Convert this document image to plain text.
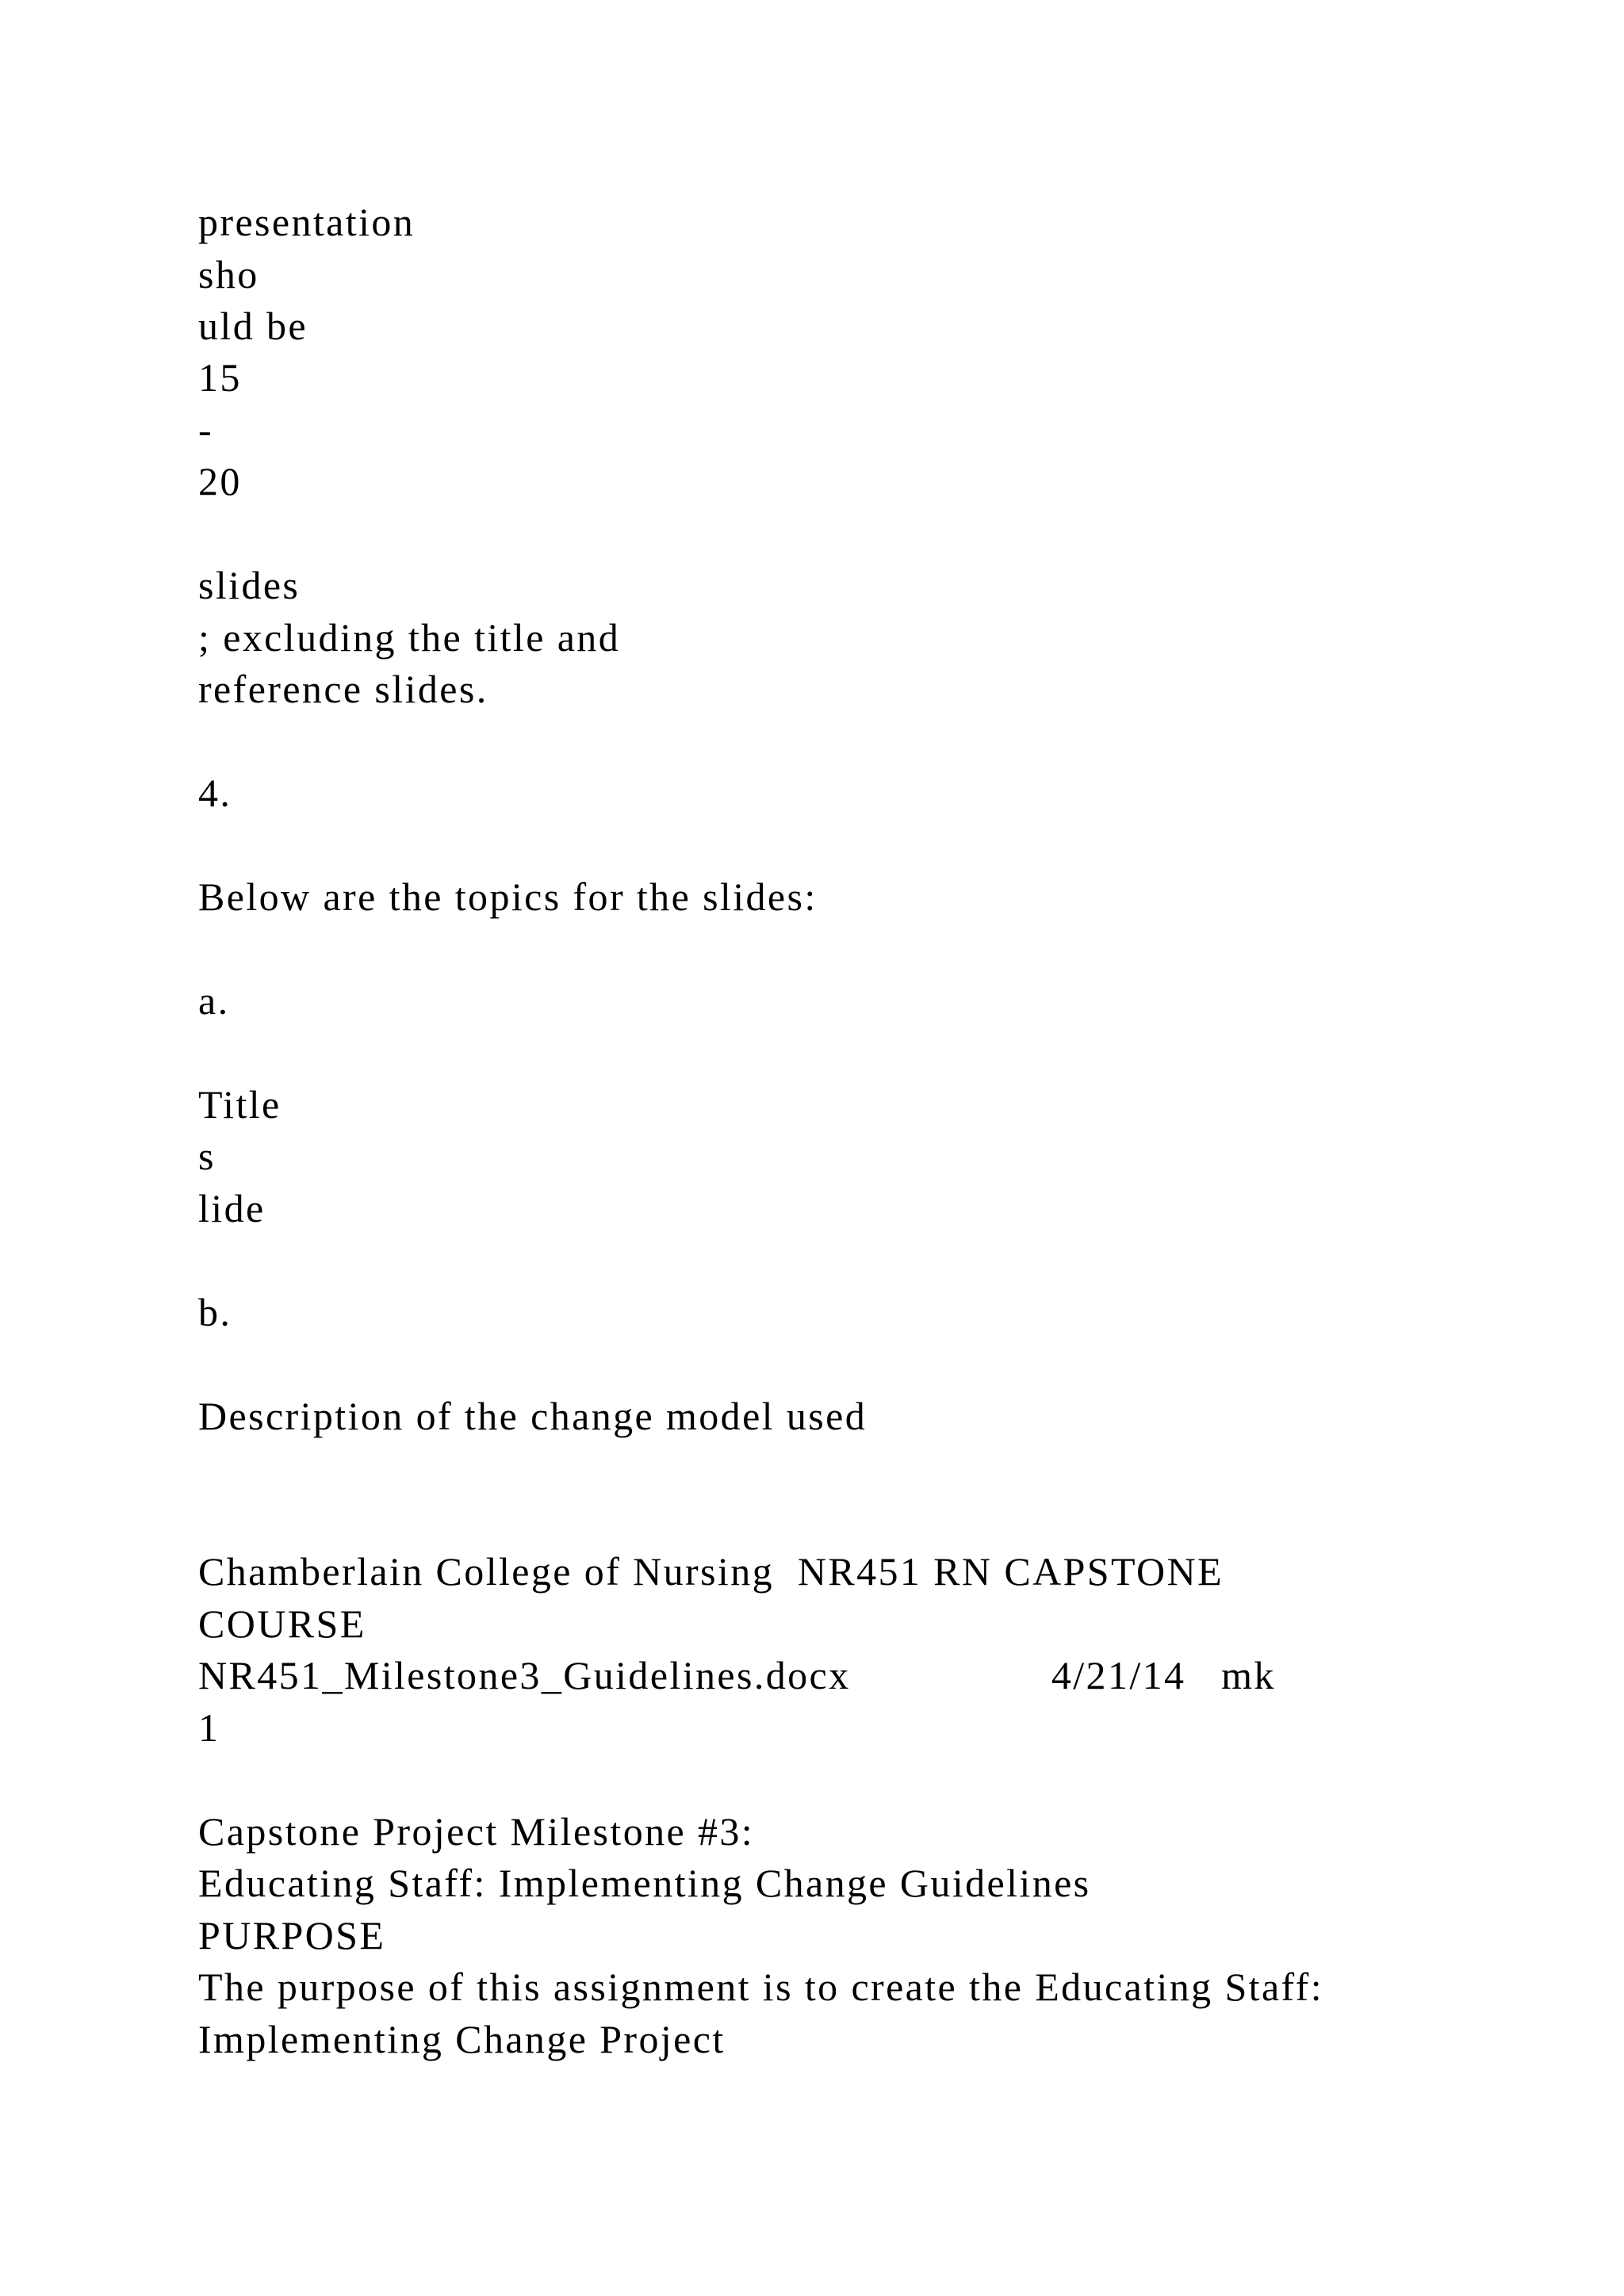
presentation

sho

uld be

15

-

20

slides

; excluding the title and

reference slides.

4.

Below are the topics for the slides:

a.

Title

s

lide

b.

Description of the change model used

Chamberlain College of Nursing  NR451 RN CAPSTONE

COURSE

NR451_Milestone3_Guidelines.docx                 4/21/14   mk

1

Capstone Project Milestone #3:

Educating Staff: Implementing Change Guidelines

PURPOSE

The purpose of this assignment is to create the Educating Staff:

Implementing Change Project
